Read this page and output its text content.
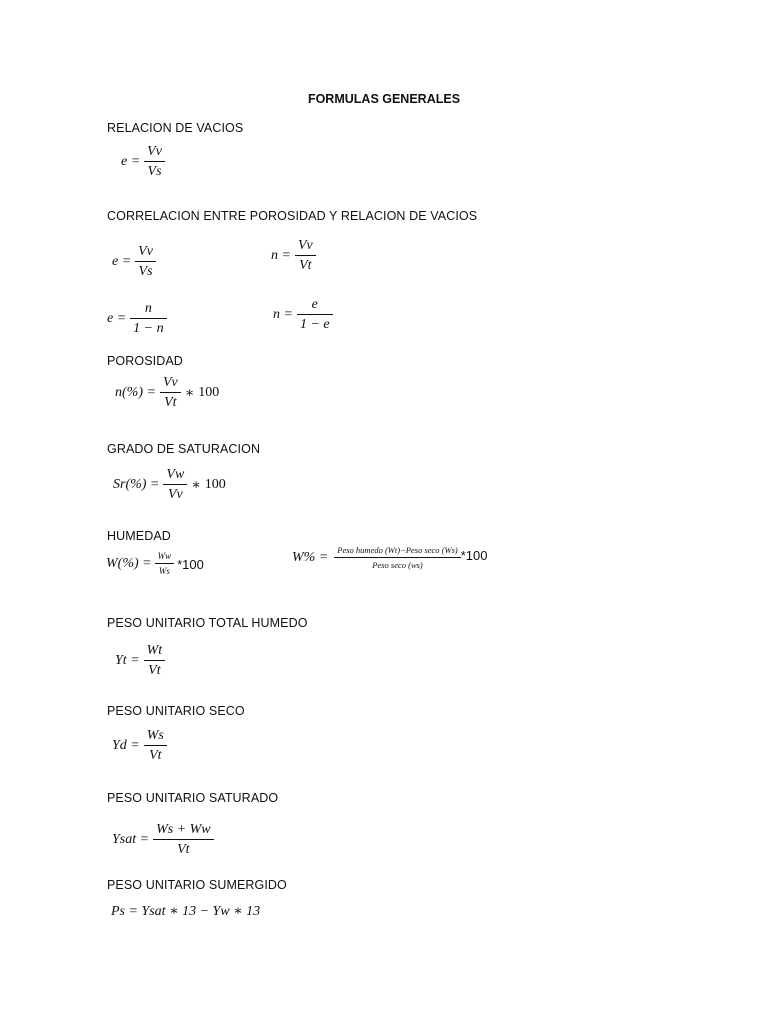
FORMULAS GENERALES
RELACION DE VACIOS
$e = \frac{Vv}{Vs}$
CORRELACION ENTRE POROSIDAD Y RELACION DE VACIOS
$e = \frac{Vv}{Vs}$	$n = \frac{Vv}{Vt}$
$e = \frac{n}{1 - n}$	$n = \frac{e}{1 - e}$
POROSIDAD
$n(\%) = \frac{Vv}{Vt}$ ∗ 100
GRADO DE SATURACION
$Sr(\%) = \frac{Vw}{Vv}$ ∗ 100
HUMEDAD
$W(\%) = \frac{Ww}{Ws} *100$	$W\% = \frac{\text{Peso humedo (Wt)−Peso seco (Ws)}}{\text{Peso seco (ws)}} *100$
PESO UNITARIO TOTAL HUMEDO
$Yt = \frac{Wt}{Vt}$
PESO UNITARIO SECO
$Yd = \frac{Ws}{Vt}$
PESO UNITARIO SATURADO
Ysat = $\frac{Ws + Ww}{Vt}$
PESO UNITARIO SUMERGIDO
Ps = Ysat ∗ 13 − Yw ∗ 13
